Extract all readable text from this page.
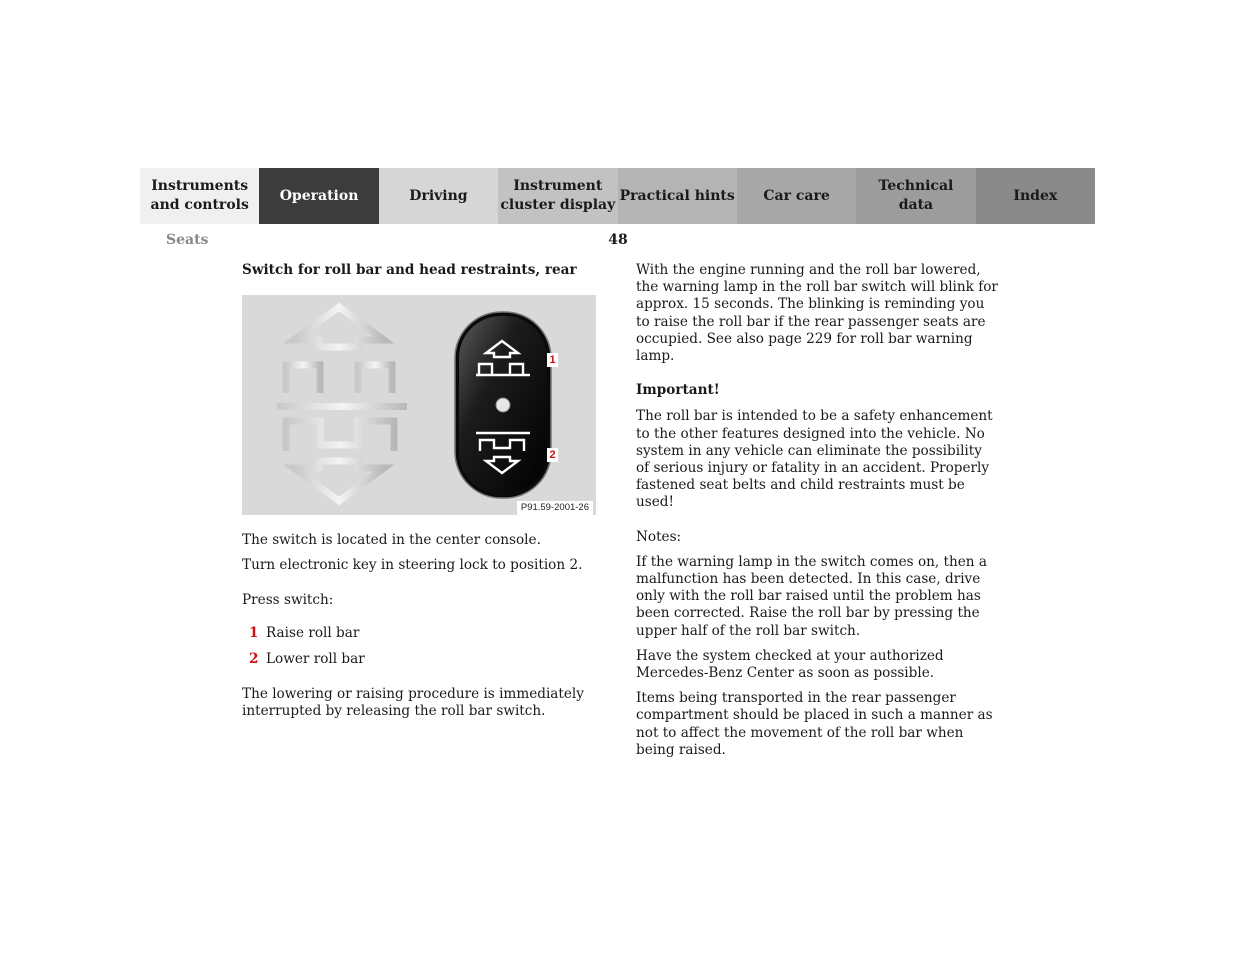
Instruments
and controls
Operation	Driving
Instrument
cluster display
Practical hints	Car care
Technical
data
Index
Seats	48
Switch for roll bar and head restraints, rear
1
2
P91.59-2001-26

The switch is located in the center console.

Turn electronic key in steering lock to position 2.

Press switch:

1 Raise roll bar
2 Lower roll bar

The lowering or raising procedure is immediately interrupted by releasing the roll bar switch.

With the engine running and the roll bar lowered, the warning lamp in the roll bar switch will blink for approx. 15 seconds. The blinking is reminding you to raise the roll bar if the rear passenger seats are occupied. See also page 229 for roll bar warning lamp.

Important!

The roll bar is intended to be a safety enhancement to the other features designed into the vehicle. No system in any vehicle can eliminate the possibility of serious injury or fatality in an accident. Properly fastened seat belts and child restraints must be used!

Notes:

If the warning lamp in the switch comes on, then a malfunction has been detected. In this case, drive only with the roll bar raised until the problem has been corrected. Raise the roll bar by pressing the upper half of the roll bar switch.

Have the system checked at your authorized Mercedes-Benz Center as soon as possible.

Items being transported in the rear passenger compartment should be placed in such a manner as not to affect the movement of the roll bar when being raised.
